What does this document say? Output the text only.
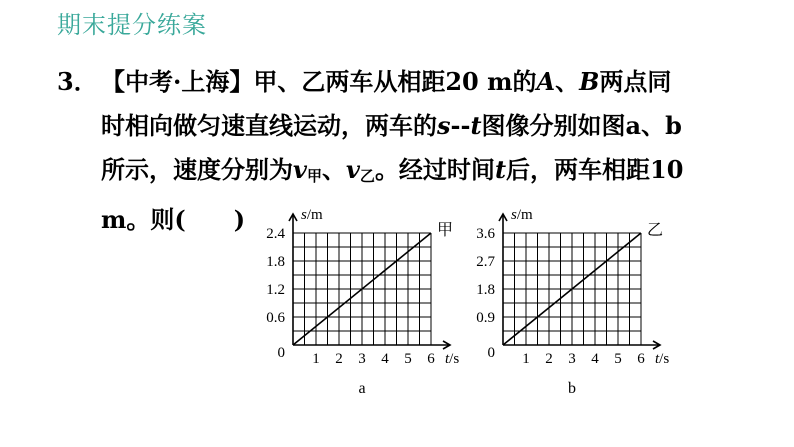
期末提分练案
3． 【中考·上海】甲、乙两车从相距20 m的A、B两点同
时相向做匀速直线运动，两车的s--t图像分别如图a、b
所示，速度分别为$v_甲$、$v_乙$。经过时间t后，两车相距10
m。则( )
1 2 3 4 5 6
0.6
1.2
1.8
2.4
0	t/s
s/m
甲
a
1 2 3 4 5 6
0.9
1.8
2.7
3.6
0	t/s
s/m
乙
b
